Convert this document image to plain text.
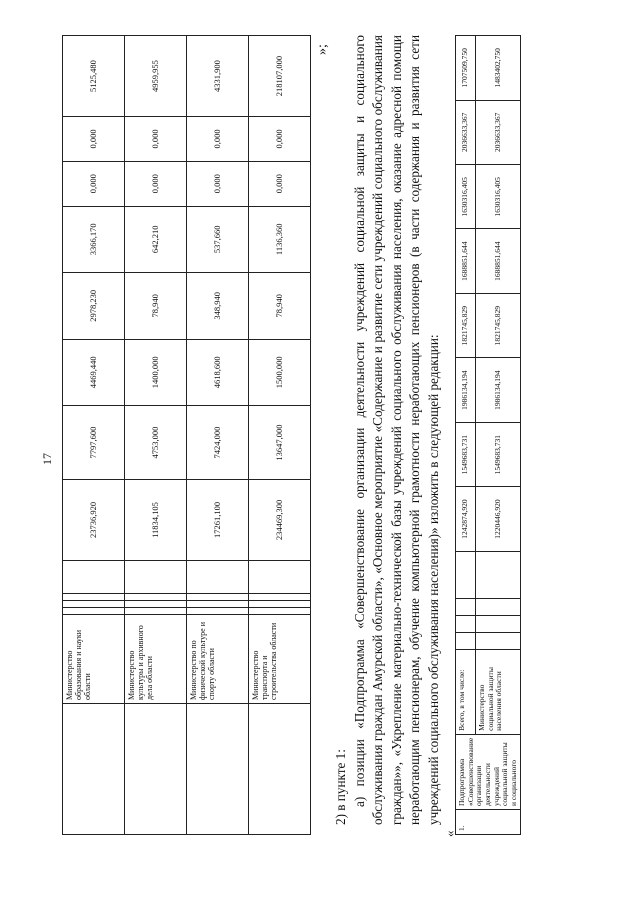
17
	Министерство образования и науки области					23736,920	7797,600	4469,440	2978,230	3366,170	0,000	0,000	5125,480
	Министерство культуры и архивного дела области					11834,105	4753,000	1400,000	78,940	642,210	0,000	0,000	4959,955
	Министерство по физической культуре и спорту области					17261,100	7424,000	4618,600	348,940	537,660	0,000	0,000	4331,900
	Министерство транспорта и строительства области					234469,300	13647,000	1500,000	78,940	1136,360	0,000	0,000	218107,000
»;

2) в пункте 1: а) позиции «Подпрограмма «Совершенствование организации деятельности учреждений социальной защиты и социального обслуживания граждан Амурской области», «Основное мероприятие «Содержание и развитие сети учреждений социального обслуживания граждан»», «Укрепление материально-технической базы учреждений социального обслуживания населения, оказание адресной помощи неработающим пенсионерам, обучение компьютерной грамотности неработающих пенсионеров (в части содержания и развития сети учреждений социального обслуживания населения)» изложить в следующей редакции:

«
1.	Подпрограмма «Совершенствование организации деятельности учреждений социальной защиты и социального	Всего, в том числе:					1242874,920	1549683,731	1986134,194	1821745,829	1688851,644	1630316,405	2036633,367	1707509,750
		Министерство социальной защиты населения области					1220446,920	1549683,731	1986134,194	1821745,829	1688851,644	1630316,405	2036633,367	1483402,750
